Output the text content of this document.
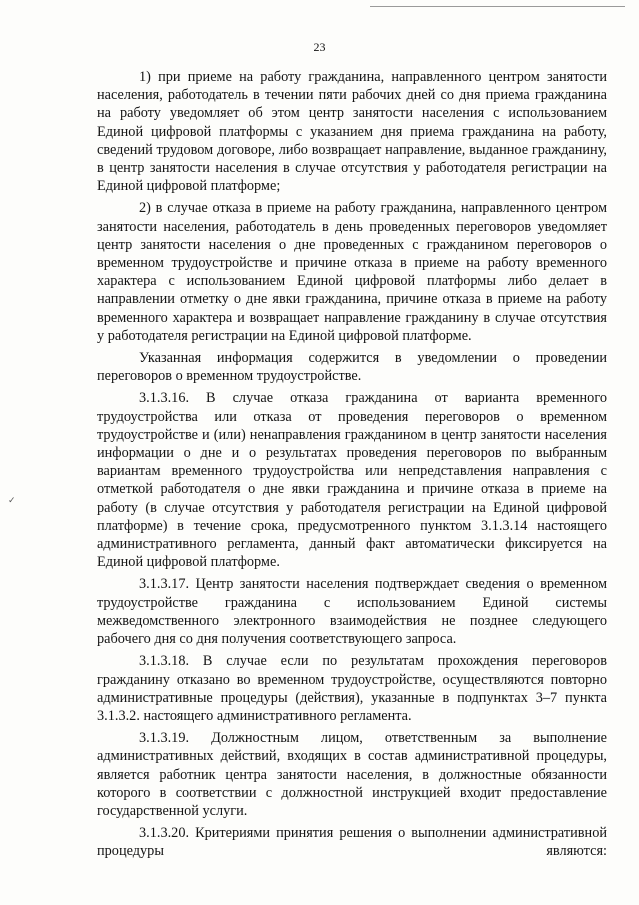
23

1) при приеме на работу гражданина, направленного центром занятости населения, работодатель в течении пяти рабочих дней со дня приема гражданина на работу уведомляет об этом центр занятости населения с использованием Единой цифровой платформы с указанием дня приема гражданина на работу, сведений трудовом договоре, либо возвращает направление, выданное гражданину, в центр занятости населения в случае отсутствия у работодателя регистрации на Единой цифровой платформе;

2) в случае отказа в приеме на работу гражданина, направленного центром занятости населения, работодатель в день проведенных переговоров уведомляет центр занятости населения о дне проведенных с гражданином переговоров о временном трудоустройстве и причине отказа в приеме на работу временного характера с использованием Единой цифровой платформы либо делает в направлении отметку о дне явки гражданина, причине отказа в приеме на работу временного характера и возвращает направление гражданину в случае отсутствия у работодателя регистрации на Единой цифровой платформе.

Указанная информация содержится в уведомлении о проведении переговоров о временном трудоустройстве.

3.1.3.16. В случае отказа гражданина от варианта временного трудоустройства или отказа от проведения переговоров о временном трудоустройстве и (или) ненаправления гражданином в центр занятости населения информации о дне и о результатах проведения переговоров по выбранным вариантам временного трудоустройства или непредставления направления с отметкой работодателя о дне явки гражданина и причине отказа в приеме на работу (в случае отсутствия у работодателя регистрации на Единой цифровой платформе) в течение срока, предусмотренного пунктом 3.1.3.14 настоящего административного регламента, данный факт автоматически фиксируется на Единой цифровой платформе.

3.1.3.17. Центр занятости населения подтверждает сведения о временном трудоустройстве гражданина с использованием Единой системы межведомственного электронного взаимодействия не позднее следующего рабочего дня со дня получения соответствующего запроса.

3.1.3.18. В случае если по результатам прохождения переговоров гражданину отказано во временном трудоустройстве, осуществляются повторно административные процедуры (действия), указанные в подпунктах 3–7 пункта 3.1.3.2. настоящего административного регламента.

3.1.3.19. Должностным лицом, ответственным за выполнение административных действий, входящих в состав административной процедуры, является работник центра занятости населения, в должностные обязанности которого в соответствии с должностной инструкцией входит предоставление государственной услуги.

3.1.3.20. Критериями принятия решения о выполнении административной процедуры являются:

✓
